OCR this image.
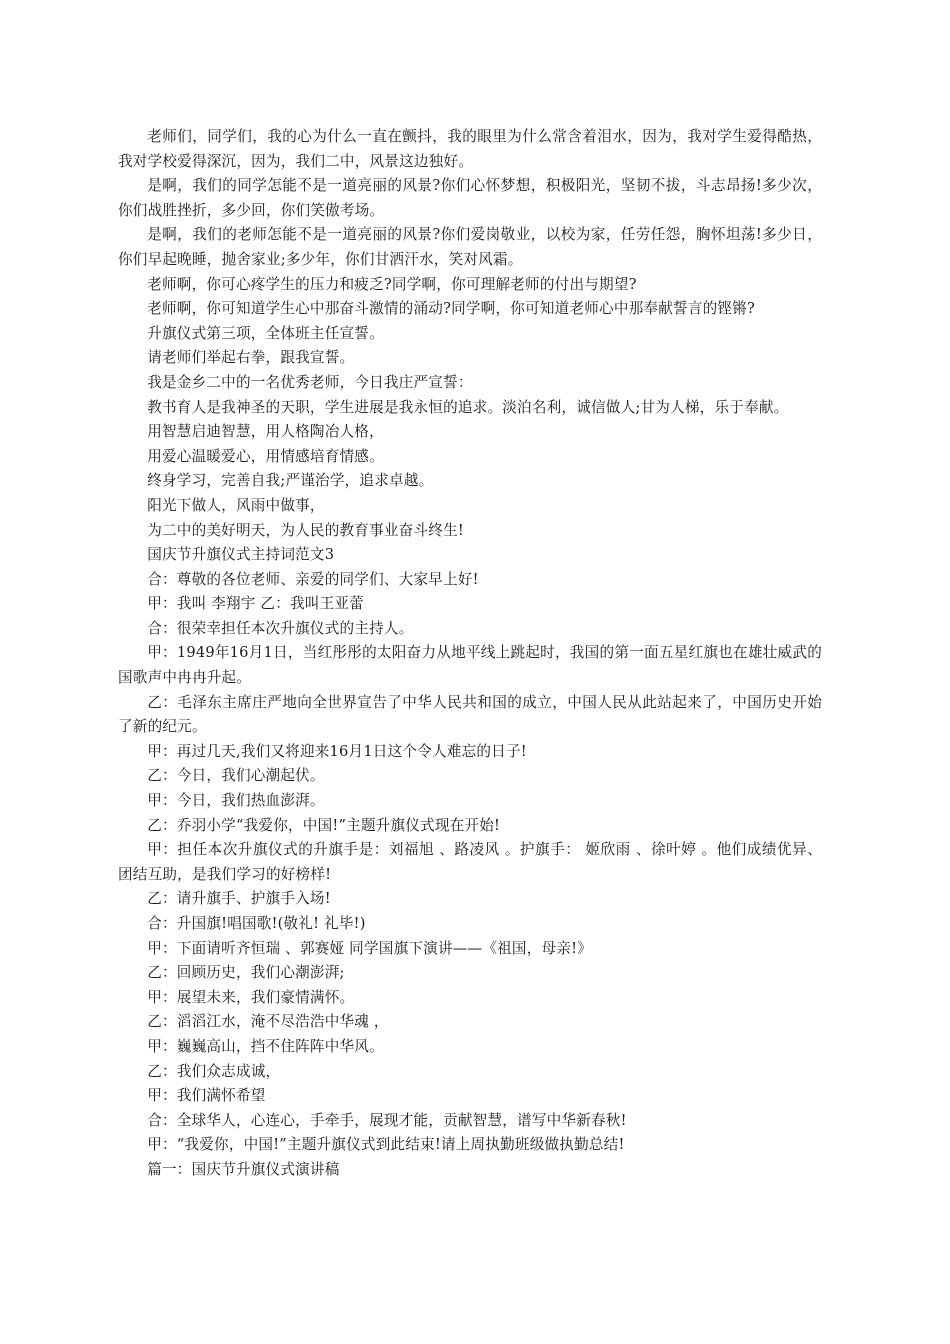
老师们，同学们，我的心为什么一直在颤抖，我的眼里为什么常含着泪水，因为，我对学生爱得酷热，我对学校爱得深沉，因为，我们二中，风景这边独好。

是啊，我们的同学怎能不是一道亮丽的风景?你们心怀梦想，积极阳光，坚韧不拔，斗志昂扬!多少次，你们战胜挫折，多少回，你们笑傲考场。

是啊，我们的老师怎能不是一道亮丽的风景?你们爱岗敬业，以校为家，任劳任怨，胸怀坦荡!多少日，你们早起晚睡，抛舍家业;多少年，你们甘洒汗水，笑对风霜。

老师啊，你可心疼学生的压力和疲乏?同学啊，你可理解老师的付出与期望?

老师啊，你可知道学生心中那奋斗激情的涌动?同学啊，你可知道老师心中那奉献誓言的铿锵?

升旗仪式第三项，全体班主任宣誓。

请老师们举起右拳，跟我宣誓。

我是金乡二中的一名优秀老师，今日我庄严宣誓：

教书育人是我神圣的天职，学生进展是我永恒的追求。淡泊名利，诚信做人;甘为人梯，乐于奉献。

用智慧启迪智慧，用人格陶冶人格，

用爱心温暖爱心，用情感培育情感。

终身学习，完善自我;严谨治学，追求卓越。

阳光下做人，风雨中做事，

为二中的美好明天，为人民的教育事业奋斗终生!

国庆节升旗仪式主持词范文3

合：尊敬的各位老师、亲爱的同学们、大家早上好!

甲：我叫 李翔宇 乙：我叫王亚蕾

合：很荣幸担任本次升旗仪式的主持人。

甲：1949年16月1日，当红彤彤的太阳奋力从地平线上跳起时，我国的第一面五星红旗也在雄壮威武的国歌声中冉冉升起。

乙：毛泽东主席庄严地向全世界宣告了中华人民共和国的成立，中国人民从此站起来了，中国历史开始了新的纪元。

甲：再过几天,我们又将迎来16月1日这个令人难忘的日子!

乙：今日，我们心潮起伏。

甲：今日，我们热血澎湃。

乙：乔羽小学“我爱你，中国!”主题升旗仪式现在开始!

甲：担任本次升旗仪式的升旗手是：刘福旭 、路凌风 。护旗手： 姬欣雨 、徐叶婷 。他们成绩优异、团结互助，是我们学习的好榜样!

乙：请升旗手、护旗手入场!

合：升国旗!唱国歌!(敬礼! 礼毕!)

甲：下面请听齐恒瑞 、郭赛娅 同学国旗下演讲——《祖国，母亲!》

乙：回顾历史，我们心潮澎湃;

甲：展望未来，我们豪情满怀。

乙：滔滔江水，淹不尽浩浩中华魂 ，

甲：巍巍高山，挡不住阵阵中华风。

乙：我们众志成诚，

甲：我们满怀希望

合：全球华人，心连心，手牵手，展现才能，贡献智慧，谱写中华新春秋!

甲：“我爱你，中国!”主题升旗仪式到此结束!请上周执勤班级做执勤总结!

篇一：国庆节升旗仪式演讲稿
